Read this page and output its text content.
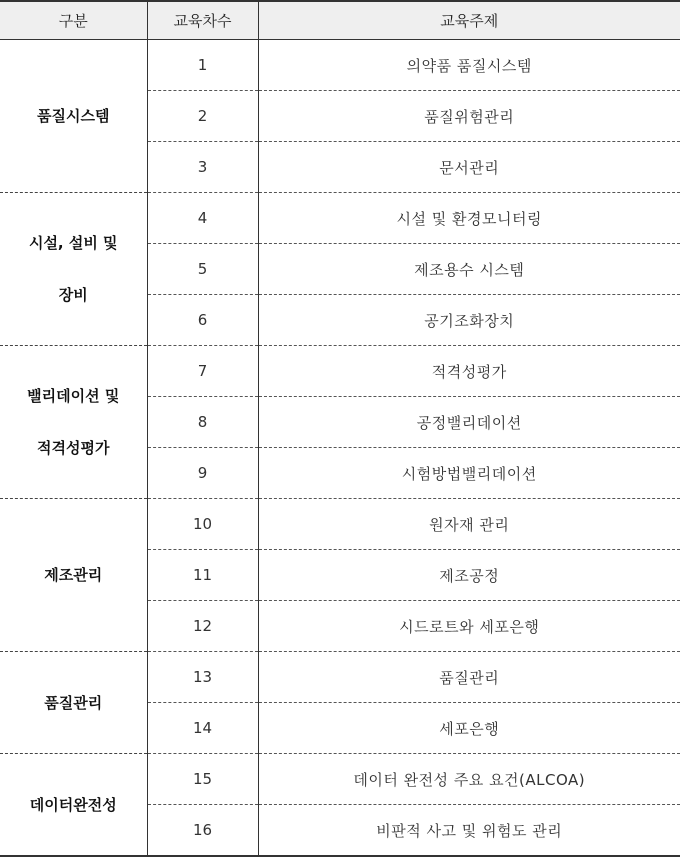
구분	교육차수	교육주제
품질시스템	1	의약품 품질시스템
	2	품질위험관리
	3	문서관리
시설, 설비 및
장비	4	시설 및 환경모니터링
	5	제조용수 시스템
	6	공기조화장치
밸리데이션 및
적격성평가	7	적격성평가
	8	공정밸리데이션
	9	시험방법밸리데이션
제조관리	10	원자재 관리
	11	제조공정
	12	시드로트와 세포은행
품질관리	13	품질관리
	14	세포은행
데이터완전성	15	데이터 완전성 주요 요건(ALCOA)
	16	비판적 사고 및 위험도 관리
